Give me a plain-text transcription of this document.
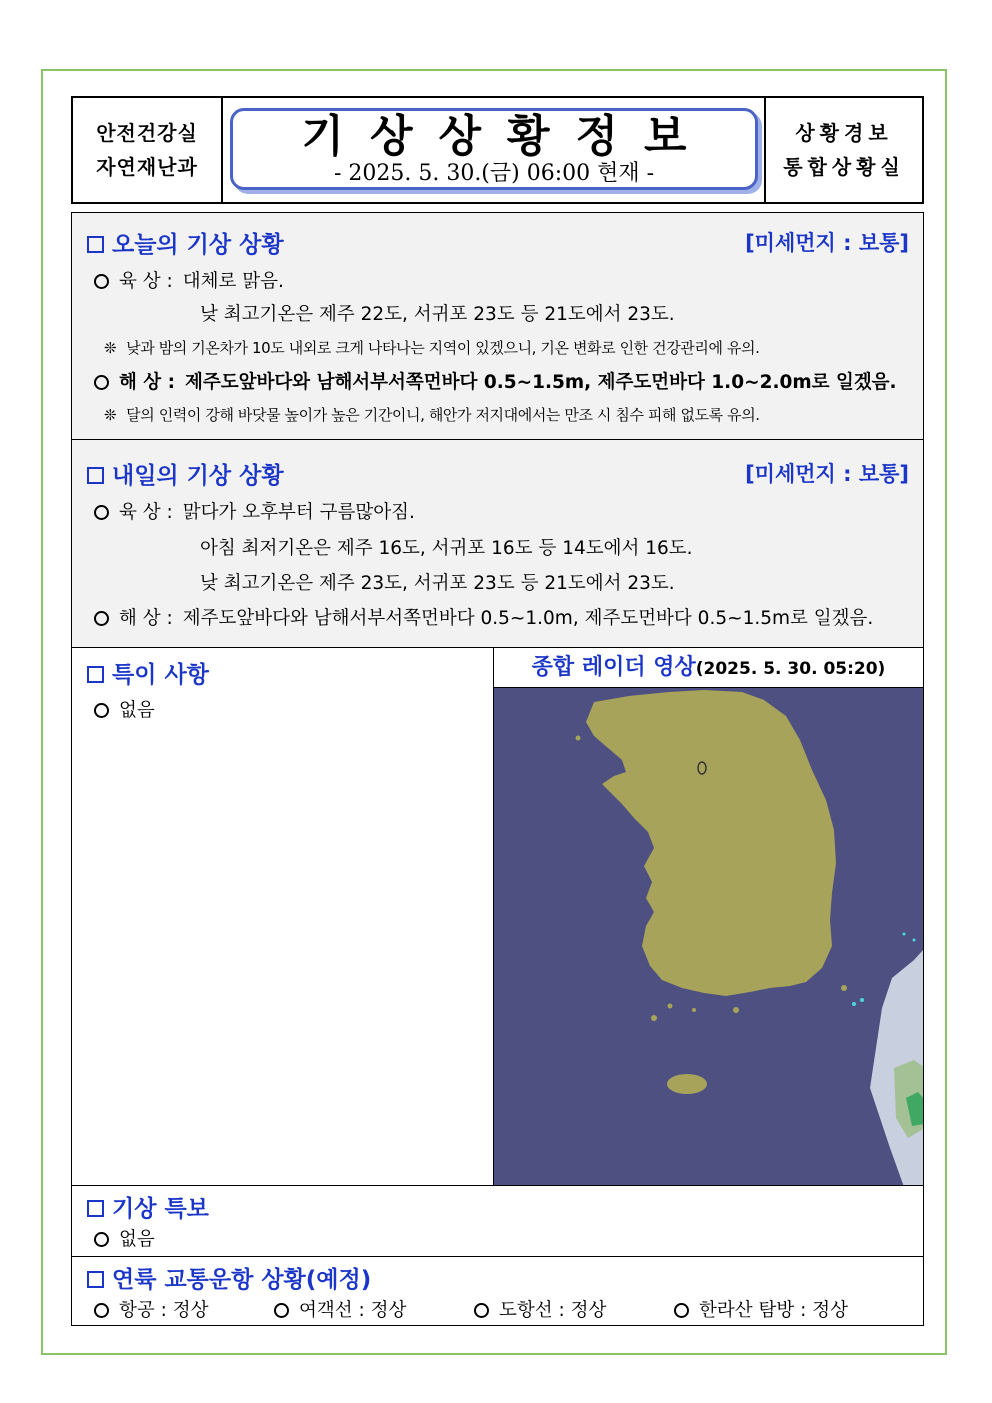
안전건강실
자연재난과
기상상황정보
- 2025. 5. 30.(금) 06:00 현재 -
상황경보
통합상황실
오늘의 기상 상황	[미세먼지 : 보통]
육 상 : 대체로 맑음.
낮 최고기온은 제주 22도, 서귀포 23도 등 21도에서 23도.
❊ 낮과 밤의 기온차가 10도 내외로 크게 나타나는 지역이 있겠으니, 기온 변화로 인한 건강관리에 유의.
해 상 : 제주도앞바다와 남해서부서쪽먼바다 0.5~1.5m, 제주도먼바다 1.0~2.0m로 일겠음.
❊ 달의 인력이 강해 바닷물 높이가 높은 기간이니, 해안가 저지대에서는 만조 시 침수 피해 없도록 유의.
내일의 기상 상황	[미세먼지 : 보통]
육 상 : 맑다가 오후부터 구름많아짐.
아침 최저기온은 제주 16도, 서귀포 16도 등 14도에서 16도.
낮 최고기온은 제주 23도, 서귀포 23도 등 21도에서 23도.
해 상 : 제주도앞바다와 남해서부서쪽먼바다 0.5~1.0m, 제주도먼바다 0.5~1.5m로 일겠음.
특이 사항
없음
종합 레이더 영상(2025. 5. 30. 05:20)
기상 특보
없음
연륙 교통운항 상황(예정)
항공 : 정상	여객선 : 정상	도항선 : 정상	한라산 탐방 : 정상
